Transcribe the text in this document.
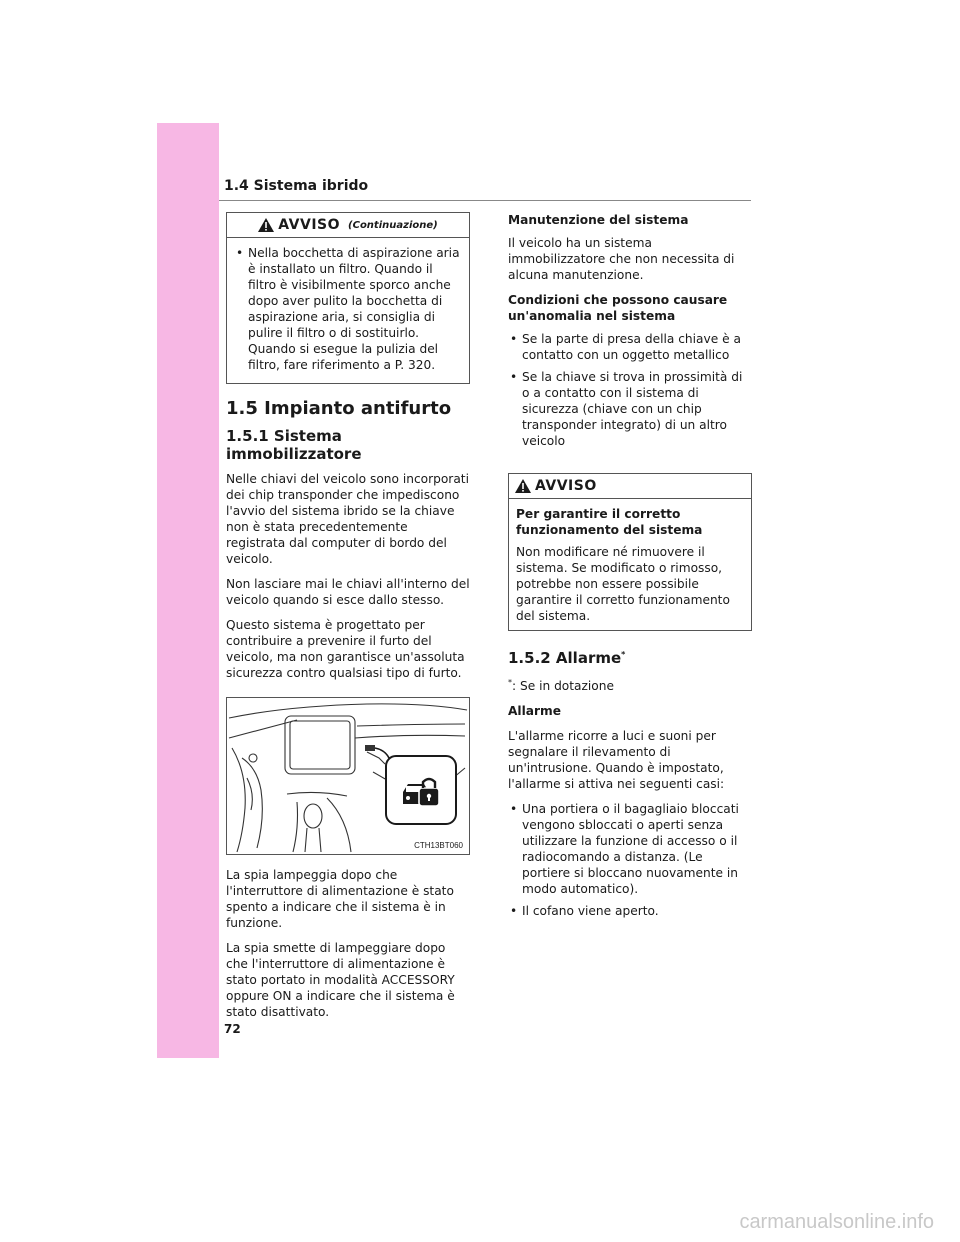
1.4 Sistema ibrido
AVVISO (Continuazione)
• Nella bocchetta di aspirazione aria è installato un filtro. Quando il filtro è visibilmente sporco anche dopo aver pulito la bocchetta di aspirazione aria, si consiglia di pulire il filtro o di sostituirlo. Quando si esegue la pulizia del filtro, fare riferimento a P. 320.
1.5 Impianto antifurto
1.5.1 Sistema immobilizzatore

Nelle chiavi del veicolo sono incorporati dei chip transponder che impediscono l'avvio del sistema ibrido se la chiave non è stata precedentemente registrata dal computer di bordo del veicolo.

Non lasciare mai le chiavi all'interno del veicolo quando si esce dallo stesso.

Questo sistema è progettato per contribuire a prevenire il furto del veicolo, ma non garantisce un'assoluta sicurezza contro qualsiasi tipo di furto.

CTH13BT060

La spia lampeggia dopo che l'interruttore di alimentazione è stato spento a indicare che il sistema è in funzione.

La spia smette di lampeggiare dopo che l'interruttore di alimentazione è stato portato in modalità ACCESSORY oppure ON a indicare che il sistema è stato disattivato.

Manutenzione del sistema

Il veicolo ha un sistema immobilizzatore che non necessita di alcuna manutenzione.

Condizioni che possono causare un'anomalia nel sistema

• Se la parte di presa della chiave è a contatto con un oggetto metallico
• Se la chiave si trova in prossimità di o a contatto con il sistema di sicurezza (chiave con un chip transponder integrato) di un altro veicolo
AVVISO

Per garantire il corretto funzionamento del sistema

Non modificare né rimuovere il sistema. Se modificato o rimosso, potrebbe non essere possibile garantire il corretto funzionamento del sistema.

1.5.2 Allarme*

*: Se in dotazione

Allarme

L'allarme ricorre a luci e suoni per segnalare il rilevamento di un'intrusione. Quando è impostato, l'allarme si attiva nei seguenti casi:

• Una portiera o il bagagliaio bloccati vengono sbloccati o aperti senza utilizzare la funzione di accesso o il radiocomando a distanza. (Le portiere si bloccano nuovamente in modo automatico).
• Il cofano viene aperto.
72
carmanualsonline.info
